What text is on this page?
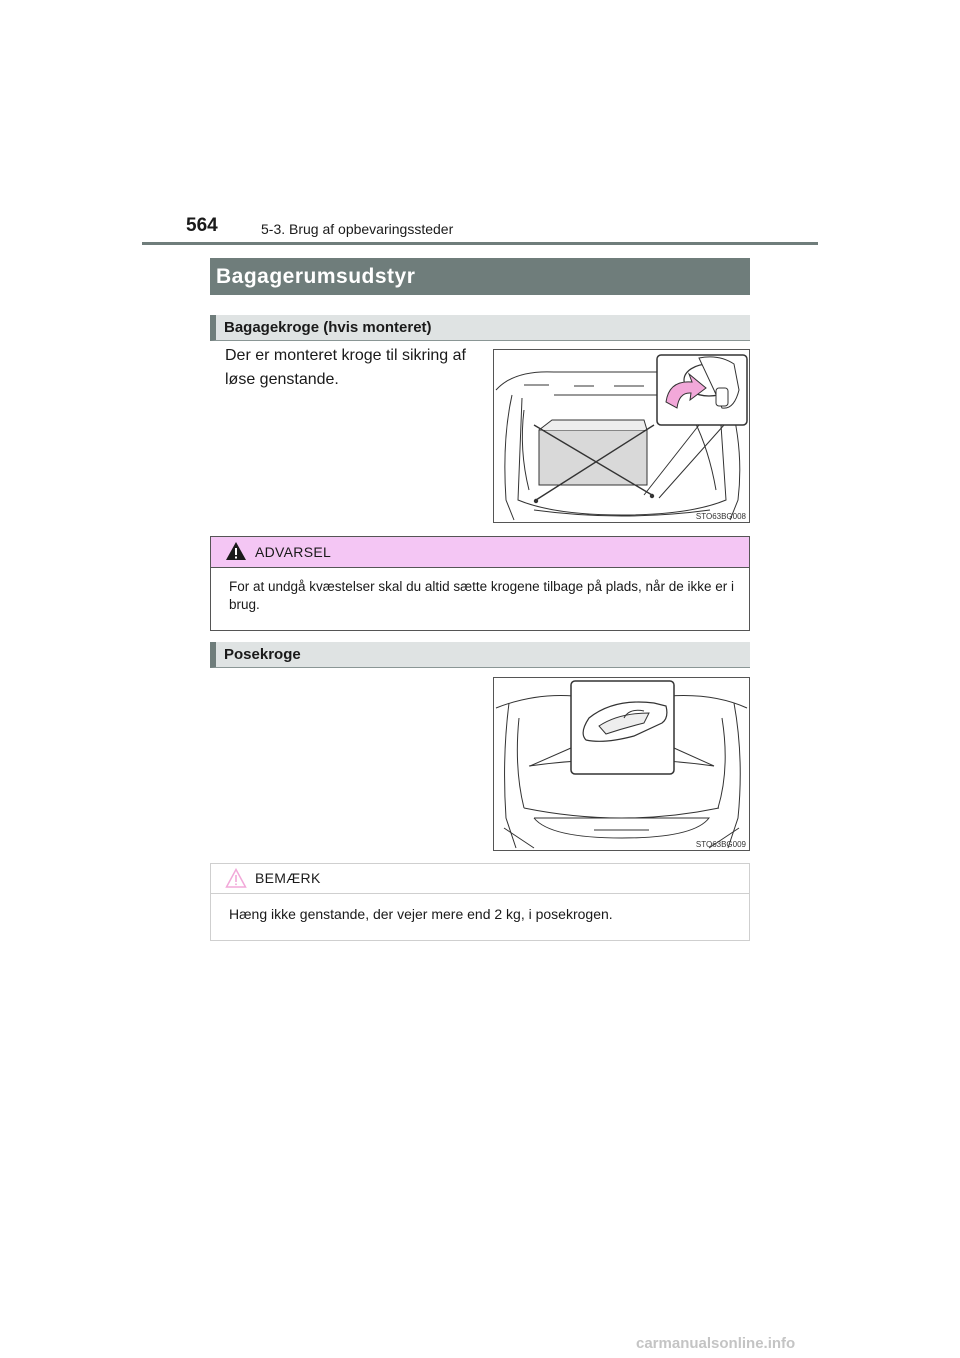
564	5-3. Brug af opbevaringssteder
Bagagerumsudstyr
Bagagekroge (hvis monteret)
Der er monteret kroge til sikring af løse genstande.
STO63BG008
ADVARSEL
For at undgå kvæstelser skal du altid sætte krogene tilbage på plads, når de ikke er i brug.
Posekroge
STO63BG009
BEMÆRK
Hæng ikke genstande, der vejer mere end 2 kg, i posekrogen.
carmanualsonline.info
